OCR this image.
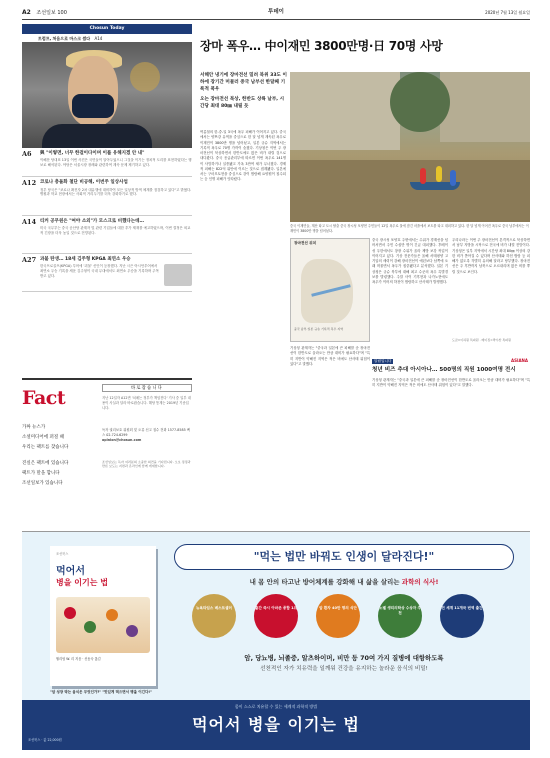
A2 조선일보 100	투데이	2020년 7월 13일 월요일
Chosun Today
트럼프, 처음으로 마스크 썼다 A14
A6 與 "이렇면, 너무 한걸이다이며 이를 유해지겠 안 내"
이해찬 당대표 13일 이번 사건은 국민들이 알아두었으니 그것을 이기는 정치적 도리를 표현하였다는 행보로 해석된다. 야당은 서울시장 장례와 관련하여 계속 문제 제기하고 있다.
A12 코로나 충돌화 철단 비공해, 이번주 일상사업
정부 당국은 "코로나 확진자 2차 대유행에 대비하여 모든 일상적 방역 체계를 점검하고 있다"고 밝혔다. 병원과 학교 현장에서는 사회적 거리두기를 더욱 강화하기로 했다.
A14 티커 공무원은 "여야 소외"가 모스크로 비했다는데…
미국 국무부는 중국 공산당 관계자 및 관련 기업들에 대한 추가 제재를 예고하였으며, 이번 결정은 외교적 긴장을 더욱 높일 것으로 전망된다.
A27 과불 탄생… 18세 김주형 KPGA 최연소 우승
한국프로골프(KPGA) 투어에 '괴물' 신인이 등장했다. 지난 시즌 아시안투어에서 최연소 우승 기록을 세운 김주형이 국내 무대에서도 최연소 우승을 기록하며 주목받고 있다.
Fact	바로잡습니다
지난 12일자 A12면 '치매는 정부가 책임진다' 기사 중 일부 내용이 사실과 달라 바로잡습니다. 해당 통계는 2019년 기준입니다.
독자 권리보호 위원회 및 오류 신고 접수 전화 1577-8585 팩스 02-724-6299
opinion@chosun.com

가짜 뉴스가

소셜미디어에 퍼질 때

우리는 팩트를 찾습니다

진실은 팩트에 있습니다

팩트가 말을 합니다

조선일보가 있습니다

조선일보는 독자 여러분의 소중한 의견을 기다립니다. 오보 정정과 반론 보도는 지면과 온라인에 함께 게재합니다.
장마 폭우… 中이재민 3800만명·日 70명 사망

서해안 냉기에 장마전선 밀려 북위 33도 이하에 장기간 머물러 중국 남부선 한달째 기록적 폭우

오는 장마전선 북상, 한반도 상륙 날부, 시간당 최대 80㎜ 내릴 듯

여름철의 한-중-일 3국에 폭우 피해가 이어지고 있다. 중국에서는 양쯔강 유역을 중심으로 한 달 넘게 계속된 폭우로 이재민이 3800만 명을 넘어섰고, 일본 규슈 지역에서는 기록적 폭우로 70명 가까이 숨졌다. 기상청은 이번 주 장마전선이 북상하면서 한반도에도 많은 비가 내릴 것으로 내다봤다. 중국 응급관리부에 따르면 이번 폭우로 141명이 사망하거나 실종됐고 가옥 3만여 채가 무너졌다. 경제적 피해는 822억 위안에 이르는 것으로 집계됐다. 일본에서는 구마모토현을 중심으로 강이 범람해 요양원이 침수되는 등 인명 피해가 잇따랐다.
중국 이재민들, 계산 타고 도시 탈출 중국 장시성 포양현 주민들이 12일 폭우로 물에 잠긴 마을에서 보트를 타고 대피하고 있다. 한 달 넘게 이어진 폭우로 중국 남부에서는 이재민이 3800만 명을 넘어섰다.
장마전선 위치
중국 남부·일본 규슈 기록적 폭우 지역
중국 장시성 포양호 주변에서는 수위가 경계선을 넘어서면서 주민 수십만 명이 긴급 대피했다. 후베이성 우한에서도 창장 수위가 올라 제방 보강 작업이 이어지고 있다. 기상 전문가들은 올해 서태평양 고기압의 세력이 강해 장마전선이 예년보다 남쪽에 오래 머물면서 폭우가 집중됐다고 분석했다. 일본 기상청은 규슈 북부에 대해 최고 수준의 폭우 특별경보를 발령했다. 주말 사이 기후현과 나가노현에도 폭우가 이어져 하천이 범람하고 산사태가 발생했다.
우리나라는 이번 주 장마전선이 본격적으로 북상하면서 남부 지방을 시작으로 전국에 비가 내릴 전망이다. 기상청은 일부 지역에서 시간당 최대 80㎜ 이상의 강한 비가 쏟아질 수 있다며 산사태와 하천 범람 등 피해가 없도록 각별히 유의해 달라고 당부했다. 장마전선은 주 후반까지 남북으로 오르내리며 많은 비를 뿌릴 것으로 보인다.
기상청 관계자는 "중국과 일본에 큰 피해를 준 장마전선이 한반도로 올라오는 만큼 대비가 필요하다"며 "특히 지반이 약해진 지역은 적은 비에도 산사태 위험이 있다"고 말했다.
도쿄=이하원 특파원 · 베이징=박수찬 특파원
알림입니다
청년 비즈 추대 아시아나… 500명의 직원 1000여명 전시
ASIANA
기상청 관계자는 "중국과 일본에 큰 피해를 준 장마전선이 한반도로 올라오는 만큼 대비가 필요하다"며 "특히 지반이 약해진 지역은 적은 비에도 산사태 위험이 있다"고 말했다.
조선북스
먹어서
병을 이기는 법
윌리엄 W. 리 지음 · 신동숙 옮김
"암 성장 막는 음식은 무엇인가?" "맛있게 먹으면서 병을 이긴다!"
"먹는 법만 바꿔도 인생이 달라진다!"
내 몸 안의 타고난 방어체계를 강화해 내 삶을 살리는 과학의 식사!
뉴욕타임스 베스트셀러	출간 즉시 아마존 종합 1위	암 환자 40만 명의 식단	노벨 생리의학상 수상자 추천
전 세계 11개국 번역 출간
암, 당뇨병, 뇌졸중, 알츠하이머, 비만 등 70여 가지 질병에 대항하도록
선천적인 자가 치유력을 일깨워 건강을 유지하는 놀라운 음식의 비밀!
몸이 스스로 치유할 수 있는 세계적 과학적 방법
먹어서 병을 이기는 법
조선북스 · 값 22,000원
